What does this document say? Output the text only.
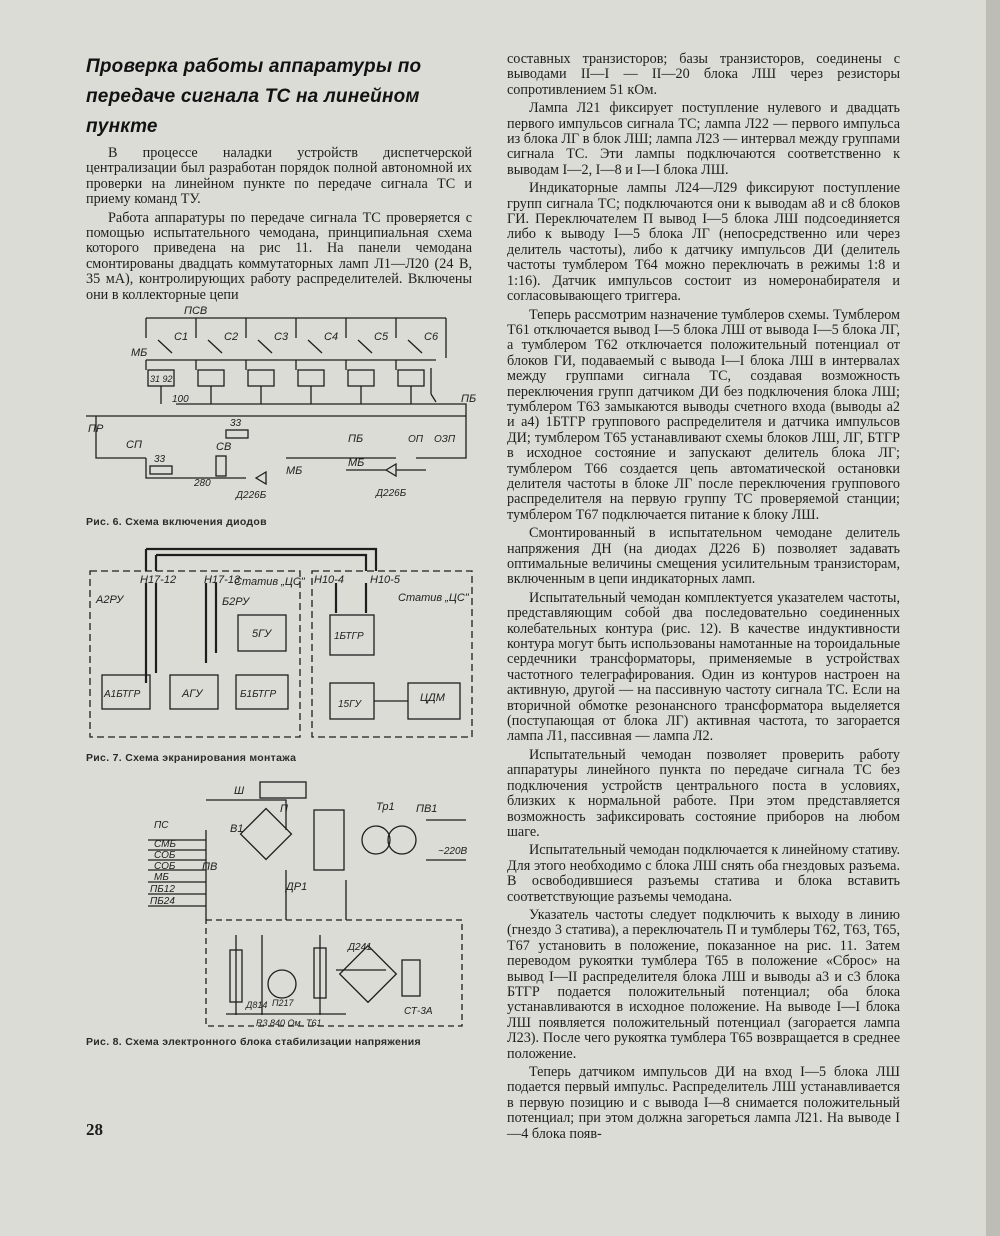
Проверка работы аппаратуры по передаче сигнала ТС на линейном пункте

В процессе наладки устройств диспетчерской централизации был разработан порядок полной автономной их проверки на линейном пункте по передаче сигнала ТС и приему команд ТУ.

Работа аппаратуры по передаче сигнала ТС проверяется с помощью испытательного чемодана, принципиальная схема которого приведена на рис 11. На панели чемодана смонтированы двадцать коммутаторных ламп Л1—Л20 (24 В, 35 мА), контролирующих работу распределителей. Включены они в коллекторные цепи

составных транзисторов; базы транзисторов, соединены с выводами II—I — II—20 блока ЛШ через резисторы сопротивлением 51 кОм.

Лампа Л21 фиксирует поступление нулевого и двадцать первого импульсов сигнала ТС; лампа Л22 — первого импульса из блока ЛГ в блок ЛШ; лампа Л23 — интервал между группами сигнала ТС. Эти лампы подключаются соответственно к выводам I—2, I—8 и I—I блока ЛШ.

Индикаторные лампы Л24—Л29 фиксируют поступление групп сигнала ТС; подключаются они к выводам а8 и с8 блоков ГИ. Переключателем П вывод I—5 блока ЛШ подсоединяется либо к выводу I—5 блока ЛГ (непосредственно или через делитель частоты), либо к датчику импульсов ДИ (делитель частоты тумблером Т64 можно переключать в режимы 1:8 и 1:16). Датчик импульсов состоит из номеронабирателя и согласовывающего триггера.

Теперь рассмотрим назначение тумблеров схемы. Тумблером Т61 отключается вывод I—5 блока ЛШ от вывода I—5 блока ЛГ, а тумблером Т62 отключается положительный потенциал от блоков ГИ, подаваемый с вывода I—I блока ЛШ в интервалах между группами сигнала ТС, создавая возможность переключения групп датчиком ДИ без подключения блока ЛШ; тумблером Т63 замыкаются выводы счетного входа (выводы а2 и а4) 1БТГР группового распределителя и датчика импульсов ДИ; тумблером Т65 устанавливают схемы блоков ЛШ, ЛГ, БТГР в исходное состояние и запускают делитель блока ЛГ; тумблером Т66 создается цепь автоматической остановки делителя частоты в блоке ЛГ после переключения группового распределителя на первую группу ТС проверяемой станции; тумблером Т67 подключается питание к блоку ЛШ.

Смонтированный в испытательном чемодане делитель напряжения ДН (на диодах Д226 Б) позволяет задавать оптимальные величины смещения усилительным транзисторам, включенным в цепи индикаторных ламп.

Испытательный чемодан комплектуется указателем частоты, представляющим собой два последовательно соединенных колебательных контура (рис. 12). В качестве индуктивности контура могут быть использованы намотанные на тороидальные сердечники трансформаторы, применяемые в устройствах частотного телеграфирования. Один из контуров настроен на активную, другой — на пассивную частоту сигнала ТС. Если на вторичной обмотке резонансного трансформатора выделяется (поступающая от блока ЛГ) активная частота, то загорается лампа Л1, пассивная — лампа Л2.

Испытательный чемодан позволяет проверить работу аппаратуры линейного пункта по передаче сигнала ТС без подключения устройств центрального поста в условиях, близких к нормальной работе. При этом представляется возможность зафиксировать состояние приборов на любом шаге.

Испытательный чемодан подключается к линейному стативу. Для этого необходимо с блока ЛШ снять оба гнездовых разъема. В освободившиеся разъемы статива и блока вставить соответствующие разъемы чемодана.

Указатель частоты следует подключить к выходу в линию (гнездо 3 статива), а переключатель П и тумблеры Т62, Т63, Т65, Т67 установить в положение, показанное на рис. 11. Затем переводом рукоятки тумблера Т65 в положение «Сброс» на вывод I—II распределителя блока ЛШ и выводы а3 и с3 блока БТГР подается положительный потенциал; оба блока устанавливаются в исходное положение. На выводе I—I блока ЛШ появляется положительный потенциал (загорается лампа Л23). После чего рукоятка тумблера Т65 возвращается в среднее положение.

Теперь датчиком импульсов ДИ на вход I—5 блока ЛШ подается первый импульс. Распределитель ЛШ устанавливается в первую позицию и с вывода I—8 снимается положительный потенциал; при этом должна загореться лампа Л21. На выводе I—4 блока появ-

ПСВ
МБ
С1	С2	С3	С4	С5	С6
31 92
100
ПР
СП
33
33
СВ
280
Д226Б	Д226Б
МБ
МБ
ПБ
ПБ
ОП ОЗП
Рис. 6. Схема включения диодов
Н17-12	Н17-13	Н10-4 Н10-5
Статив „ЦС"
Статив „ЦС"
А2РУ	Б2РУ
5ГУ
А1БТГР	АГУ	Б1БТГР
1БТГР
15ГУ
ЦДМ
Рис. 7. Схема экранирования монтажа
ПС
СМБ
СОБ
СОБ
МБ
ПБ12
ПБ24
Ш
П
В1
ПВ
ДР1
Тр1 ПВ1
~220В
Д241
СТ-3А
Д814 П217
R3 840 Ом Т61
Рис. 8. Схема электронного блока стабилизации напряжения
28
